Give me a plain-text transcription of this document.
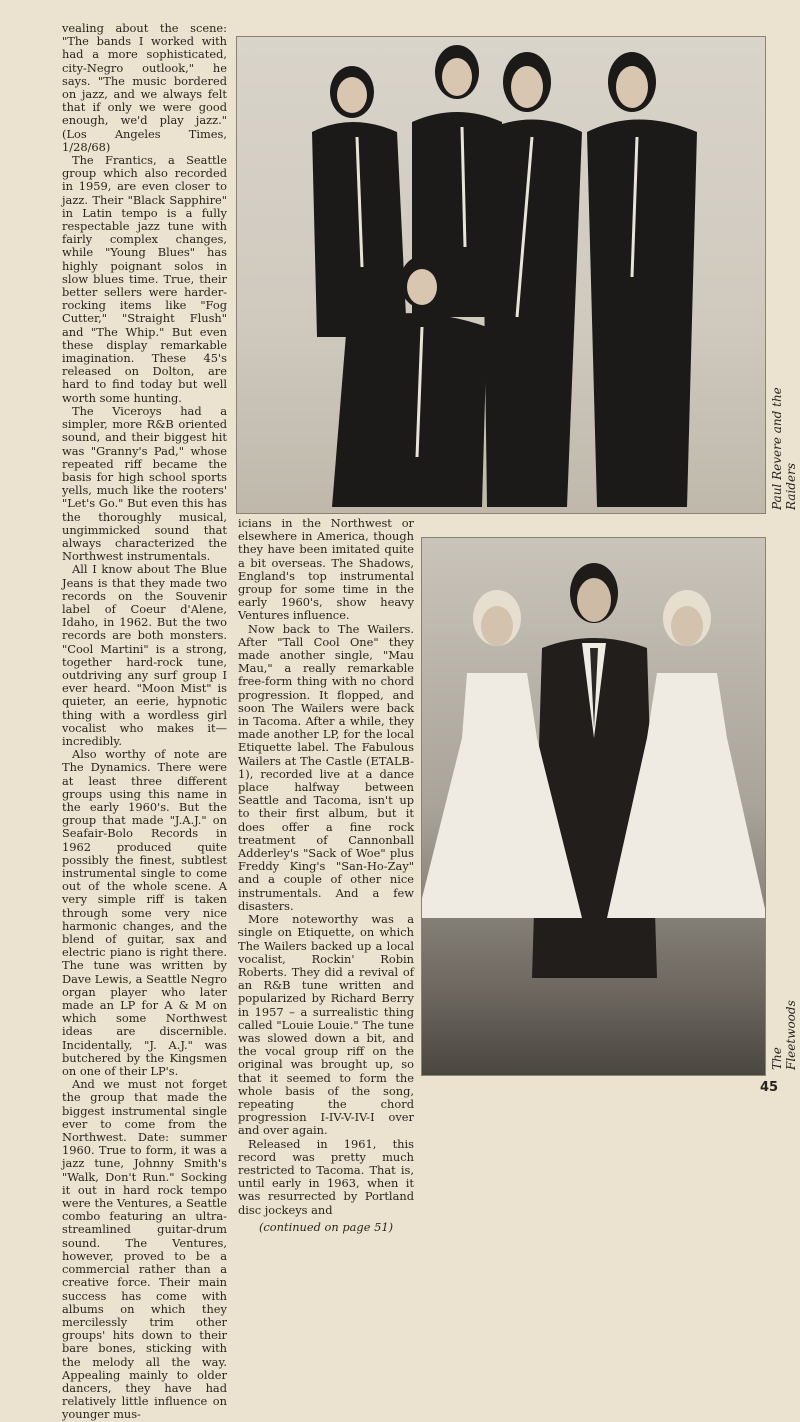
vealing about the scene: "The bands I worked with had a more sophisticated, city-Negro outlook," he says. "The music bordered on jazz, and we always felt that if only we were good enough, we'd play jazz." (Los Angeles Times, 1/28/68)

The Frantics, a Seattle group which also recorded in 1959, are even closer to jazz. Their "Black Sapphire" in Latin tempo is a fully respectable jazz tune with fairly complex changes, while "Young Blues" has highly poignant solos in slow blues time. True, their better sellers were harder-rocking items like "Fog Cutter," "Straight Flush" and "The Whip." But even these display remarkable imagination. These 45's released on Dolton, are hard to find today but well worth some hunting.

The Viceroys had a simpler, more R&B oriented sound, and their biggest hit was "Granny's Pad," whose repeated riff became the basis for high school sports yells, much like the rooters' "Let's Go." But even this has the thoroughly musical, ungimmicked sound that always characterized the Northwest instrumentals.

All I know about The Blue Jeans is that they made two records on the Souvenir label of Coeur d'Alene, Idaho, in 1962. But the two records are both monsters. "Cool Martini" is a strong, together hard-rock tune, outdriving any surf group I ever heard. "Moon Mist" is quieter, an eerie, hypnotic thing with a wordless girl vocalist who makes it—incredibly.

Also worthy of note are The Dynamics. There were at least three different groups using this name in the early 1960's. But the group that made "J.A.J." on Seafair-Bolo Records in 1962 produced quite possibly the finest, subtlest instrumental single to come out of the whole scene. A very simple riff is taken through some very nice harmonic changes, and the blend of guitar, sax and electric piano is right there. The tune was written by Dave Lewis, a Seattle Negro organ player who later made an LP for A & M on which some Northwest ideas are discernible. Incidentally, "J. A.J." was butchered by the Kingsmen on one of their LP's.

And we must not forget the group that made the biggest instrumental single ever to come from the Northwest. Date: summer 1960. True to form, it was a jazz tune, Johnny Smith's "Walk, Don't Run." Socking it out in hard rock tempo were the Ventures, a Seattle combo featuring an ultra-streamlined guitar-drum sound. The Ventures, however, proved to be a commercial rather than a creative force. Their main success has come with albums on which they mercilessly trim other groups' hits down to their bare bones, sticking with the melody all the way. Appealing mainly to older dancers, they have had relatively little influence on younger mus-

Paul Revere and the Raiders

icians in the Northwest or elsewhere in America, though they have been imitated quite a bit overseas. The Shadows, England's top instrumental group for some time in the early 1960's, show heavy Ventures influence.

Now back to The Wailers. After "Tall Cool One" they made another single, "Mau Mau," a really remarkable free-form thing with no chord progression. It flopped, and soon The Wailers were back in Tacoma. After a while, they made another LP, for the local Etiquette label. The Fabulous Wailers at The Castle (ETALB-1), recorded live at a dance place halfway between Seattle and Tacoma, isn't up to their first album, but it does offer a fine rock treatment of Cannonball Adderley's "Sack of Woe" plus Freddy King's "San-Ho-Zay" and a couple of other nice instrumentals. And a few disasters.

More noteworthy was a single on Etiquette, on which The Wailers backed up a local vocalist, Rockin' Robin Roberts. They did a revival of an R&B tune written and popularized by Richard Berry in 1957 – a surrealistic thing called "Louie Louie." The tune was slowed down a bit, and the vocal group riff on the original was brought up, so that it seemed to form the whole basis of the song, repeating the chord progression I-IV-V-IV-I over and over again.

Released in 1961, this record was pretty much restricted to Tacoma. That is, until early in 1963, when it was resurrected by Portland disc jockeys and

(continued on page 51)

The Fleetwoods
45
